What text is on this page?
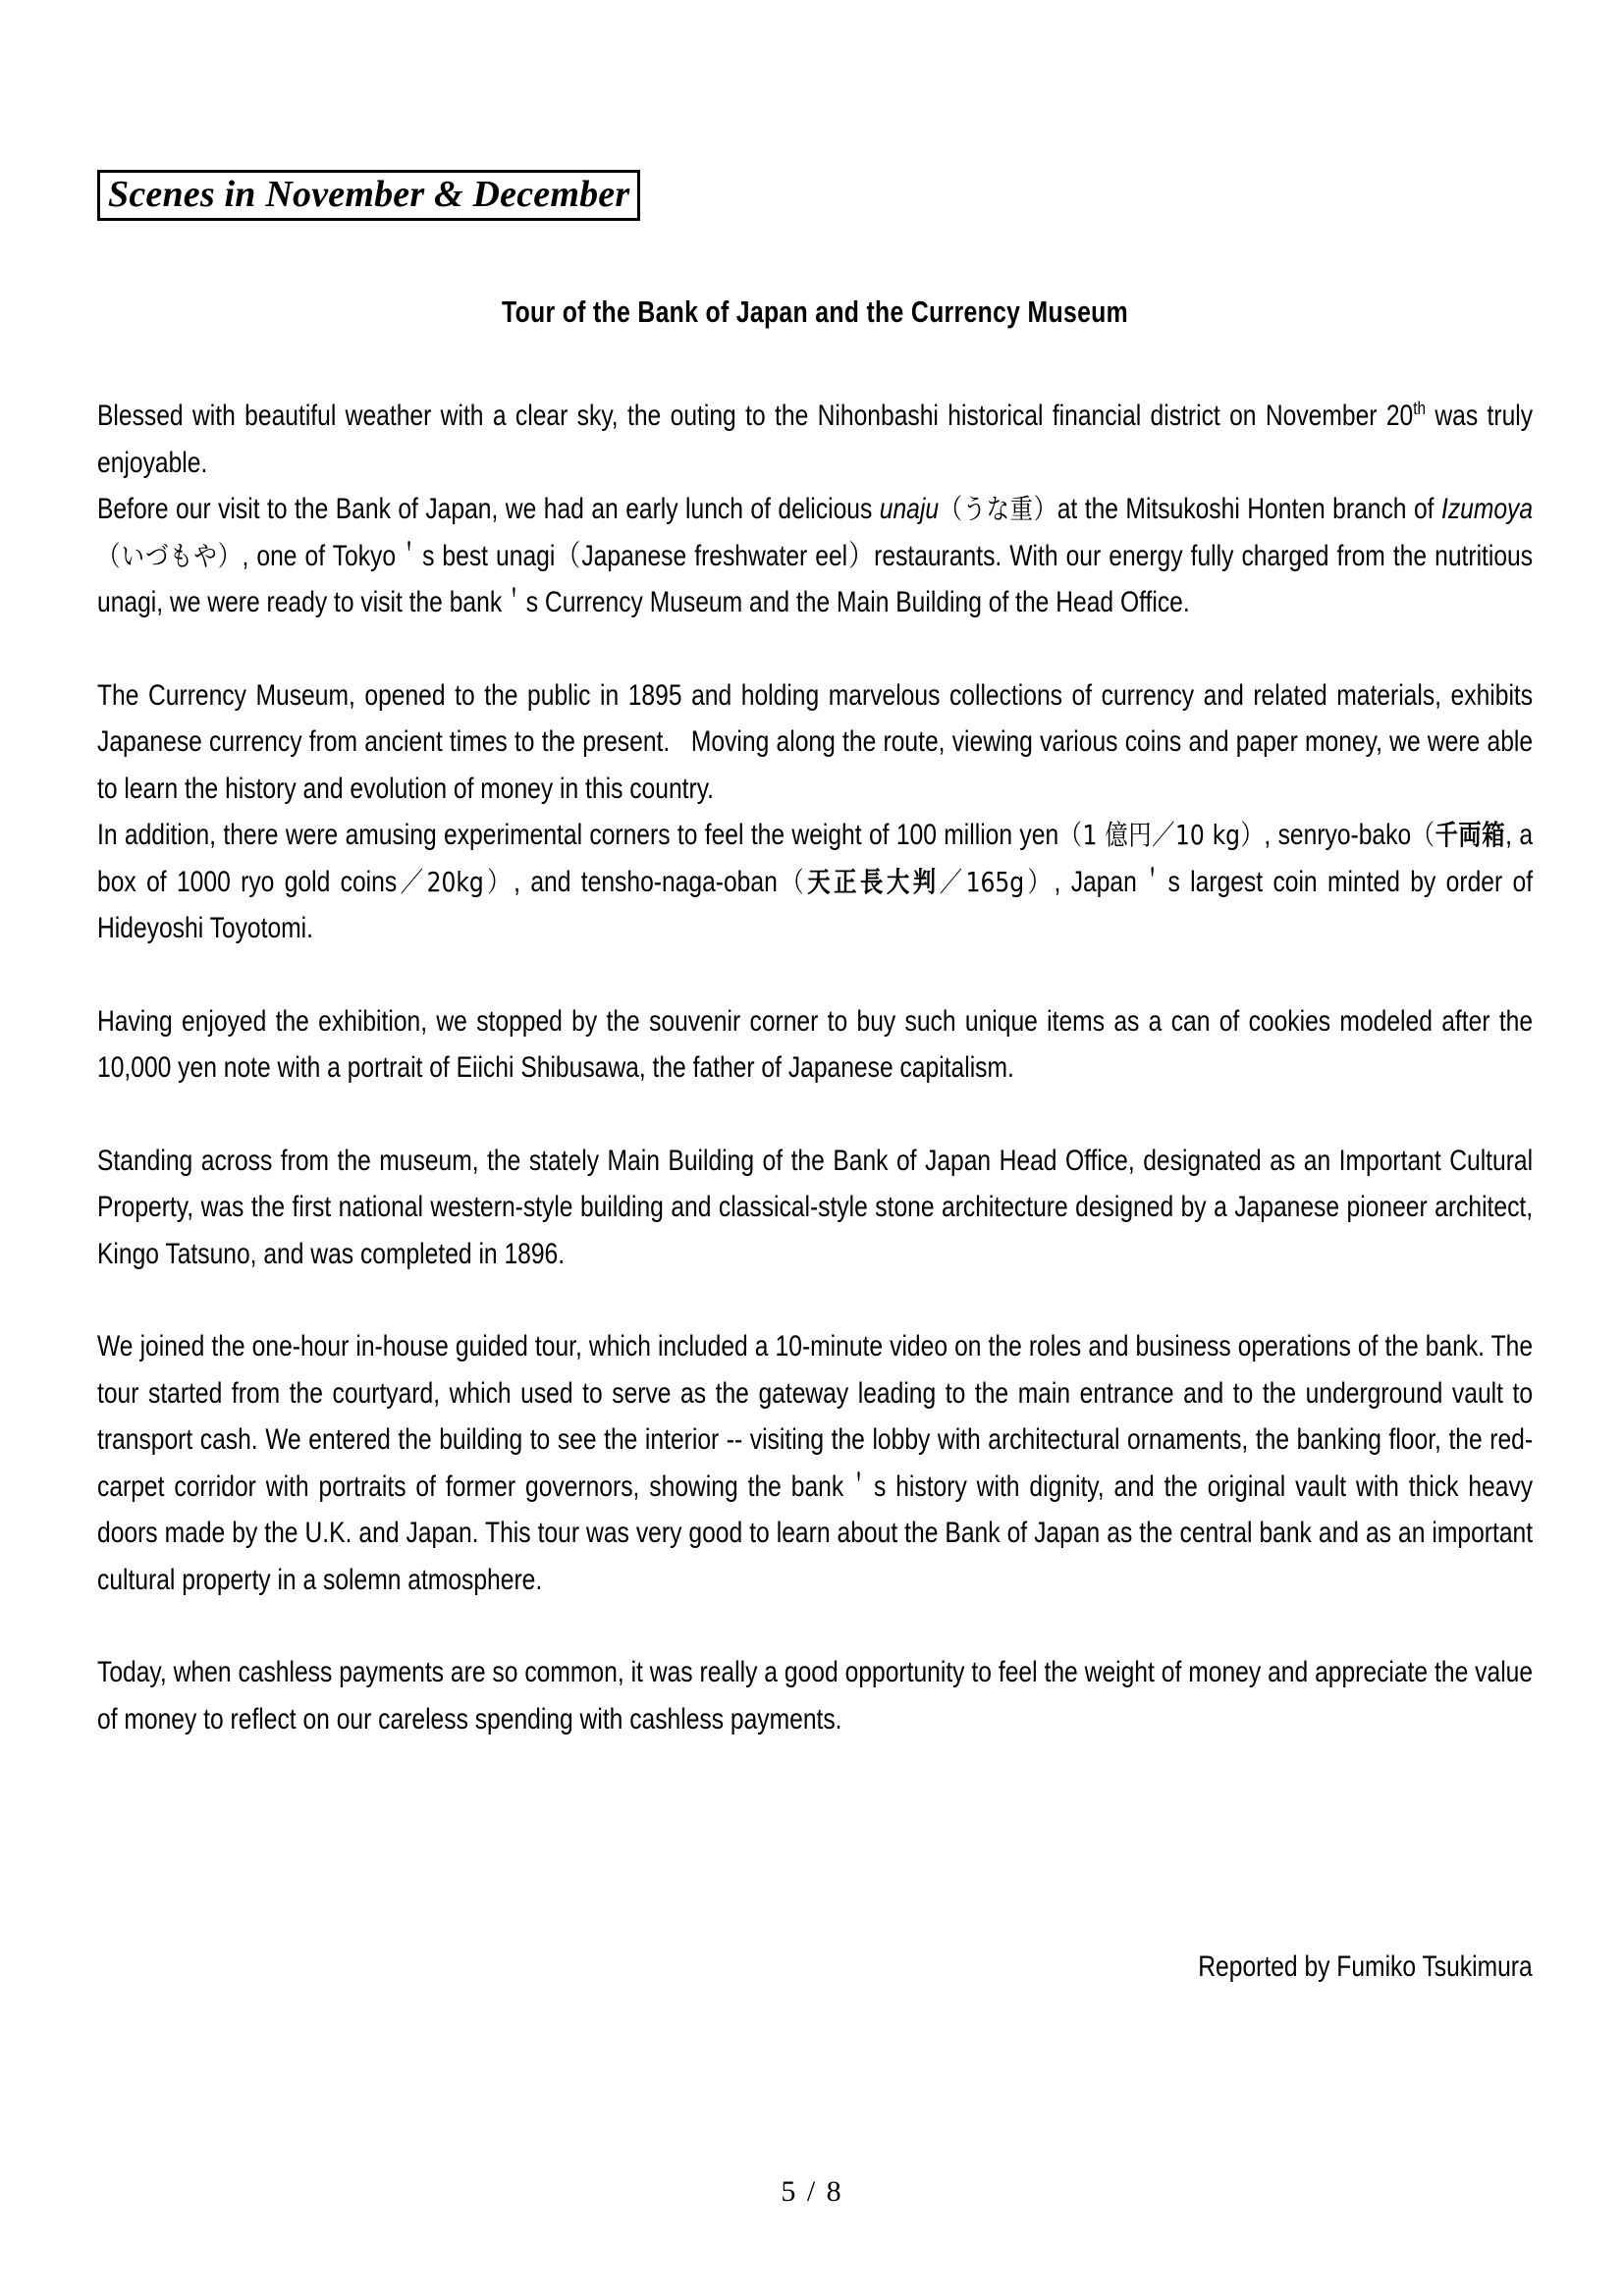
Scenes in November & December
Tour of the Bank of Japan and the Currency Museum
Blessed with beautiful weather with a clear sky, the outing to the Nihonbashi historical financial district on November 20th was truly enjoyable.
Before our visit to the Bank of Japan, we had an early lunch of delicious unaju（うな重）at the Mitsukoshi Honten branch of Izumoya（いづもや）, one of Tokyo＇s best unagi（Japanese freshwater eel）restaurants. With our energy fully charged from the nutritious unagi, we were ready to visit the bank＇s Currency Museum and the Main Building of the Head Office.
The Currency Museum, opened to the public in 1895 and holding marvelous collections of currency and related materials, exhibits Japanese currency from ancient times to the present.   Moving along the route, viewing various coins and paper money, we were able to learn the history and evolution of money in this country.
In addition, there were amusing experimental corners to feel the weight of 100 million yen（1 億円／10 kg）, senryo-bako（千両箱, a box of 1000 ryo gold coins／20kg）, and tensho-naga-oban（天正長大判／165g）, Japan＇s largest coin minted by order of Hideyoshi Toyotomi.
Having enjoyed the exhibition, we stopped by the souvenir corner to buy such unique items as a can of cookies modeled after the 10,000 yen note with a portrait of Eiichi Shibusawa, the father of Japanese capitalism.
Standing across from the museum, the stately Main Building of the Bank of Japan Head Office, designated as an Important Cultural Property, was the first national western-style building and classical-style stone architecture designed by a Japanese pioneer architect, Kingo Tatsuno, and was completed in 1896.
We joined the one-hour in-house guided tour, which included a 10-minute video on the roles and business operations of the bank. The tour started from the courtyard, which used to serve as the gateway leading to the main entrance and to the underground vault to transport cash. We entered the building to see the interior -- visiting the lobby with architectural ornaments, the banking floor, the red-carpet corridor with portraits of former governors, showing the bank＇s history with dignity, and the original vault with thick heavy doors made by the U.K. and Japan. This tour was very good to learn about the Bank of Japan as the central bank and as an important cultural property in a solemn atmosphere.
Today, when cashless payments are so common, it was really a good opportunity to feel the weight of money and appreciate the value of money to reflect on our careless spending with cashless payments.
Reported by Fumiko Tsukimura
5 / 8
